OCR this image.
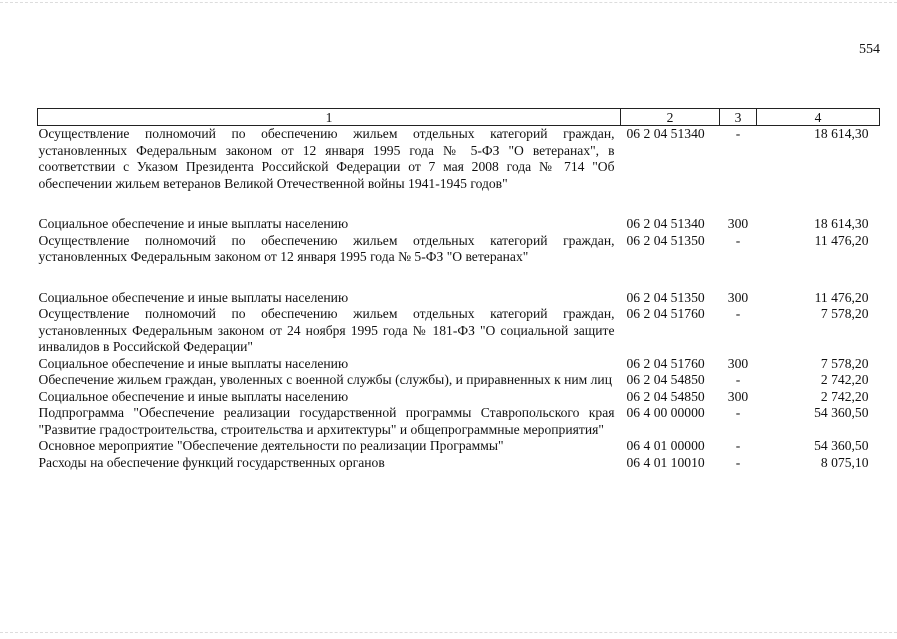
554
1	2	3	4
Осуществление полномочий по обеспечению жильем отдельных категорий граждан, установленных Федеральным законом от 12 января 1995 года № 5-ФЗ "О ветеранах", в соответствии с Указом Президента Российской Федерации от 7 мая 2008 года № 714 "Об обеспечении жильем ветеранов Великой Отечественной войны 1941-1945 годов"	06 2 04 51340	-	18 614,30
Социальное обеспечение и иные выплаты населению	06 2 04 51340	300	18 614,30
Осуществление полномочий по обеспечению жильем отдельных категорий граждан, установленных Федеральным законом от 12 января 1995 года № 5-ФЗ "О ветеранах"	06 2 04 51350	-	11 476,20
Социальное обеспечение и иные выплаты населению	06 2 04 51350	300	11 476,20
Осуществление полномочий по обеспечению жильем отдельных категорий граждан, установленных Федеральным законом от 24 ноября 1995 года № 181-ФЗ "О социальной защите инвалидов в Российской Федерации"	06 2 04 51760	-	7 578,20
Социальное обеспечение и иные выплаты населению	06 2 04 51760	300	7 578,20
Обеспечение жильем граждан, уволенных с военной службы (службы), и приравненных к ним лиц	06 2 04 54850	-	2 742,20
Социальное обеспечение и иные выплаты населению	06 2 04 54850	300	2 742,20
Подпрограмма "Обеспечение реализации государственной программы Ставропольского края "Развитие градостроительства, строительства и архитектуры" и общепрограммные мероприятия"	06 4 00 00000	-	54 360,50
Основное мероприятие "Обеспечение деятельности по реализации Программы"	06 4 01 00000	-	54 360,50
Расходы на обеспечение функций государственных органов	06 4 01 10010	-	8 075,10
